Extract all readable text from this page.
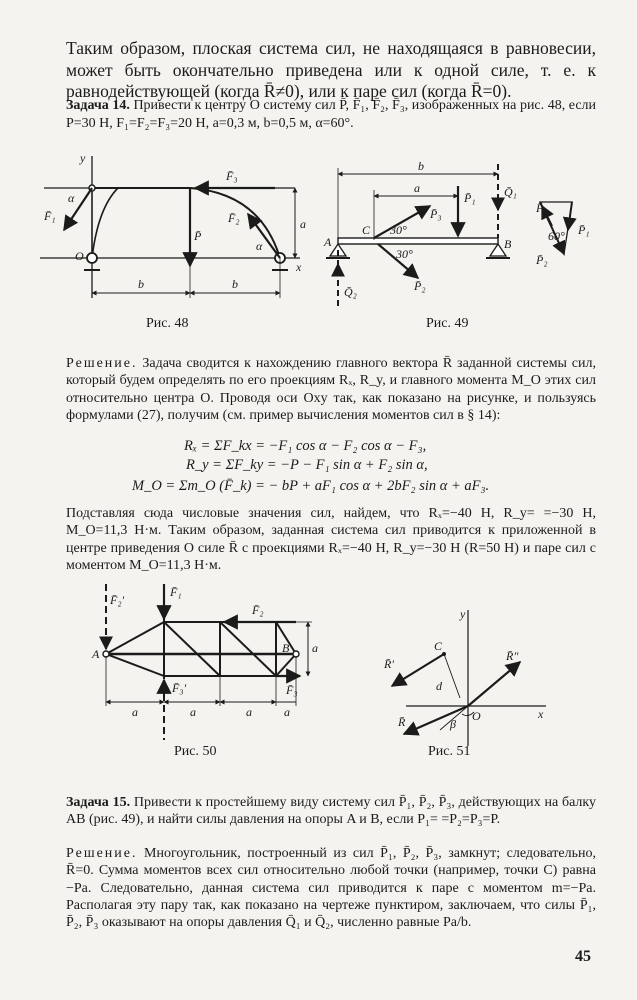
Таким образом, плоская система сил, не находящаяся в равновесии, может быть окончательно приведена или к одной силе, т. е. к равнодействующей (когда R̄≠0), или к паре сил (когда R̄=0).

Задача 14. Привести к центру O систему сил P̄, F̄₁, F̄₂, F̄₃, изображенных на рис. 48, если P=30 Н, F₁=F₂=F₃=20 Н, a=0,3 м, b=0,5 м, α=60°.

y
x
O
α
α
F̄₁	F̄₂
F̄₃
P̄
a
b	b
Рис. 48
A	B
C
a
b
P̄₁
P̄₂
P̄₃
Q̄₁
Q̄₂
30°
30°
P̄₁
P̄₂
P̄₃
60°
Рис. 49

Решение. Задача сводится к нахождению главного вектора R̄ заданной системы сил, который будем определять по его проекциям Rₓ, R_y, и главного момента M_O этих сил относительно центра O. Проводя оси Oxy так, как показано на рисунке, и пользуясь формулами (27), получим (см. пример вычисления моментов сил в § 14):

Rₓ = ΣF_kx = −F₁ cos α − F₂ cos α − F₃,
R_y = ΣF_ky = −P − F₁ sin α + F₂ sin α,
M_O = Σm_O (F̄_k) = − bP + aF₁ cos α + 2bF₂ sin α + aF₃.

Подставляя сюда числовые значения сил, найдем, что Rₓ=−40 Н, R_y= =−30 Н, M_O=11,3 Н·м. Таким образом, заданная система сил приводится к приложенной в центре приведения O силе R̄ с проекциями Rₓ=−40 Н, R_y=−30 Н (R=50 Н) и паре сил с моментом M_O=11,3 Н·м.

A	B
F̄₁
F̄₂
F̄₂′
F̄₃
F̄₃′
a	a	a	a
a
Рис. 50
y
x
O
C
d
β
R̄
R̄′
R̄″
Рис. 51

Задача 15. Привести к простейшему виду систему сил P̄₁, P̄₂, P̄₃, действующих на балку AB (рис. 49), и найти силы давления на опоры A и B, если P₁= =P₂=P₃=P.

Решение. Многоугольник, построенный из сил P̄₁, P̄₂, P̄₃, замкнут; следовательно, R̄=0. Сумма моментов всех сил относительно любой точки (например, точки C) равна −Pa. Следовательно, данная система сил приводится к паре с моментом m=−Pa. Располагая эту пару так, как показано на чертеже пунктиром, заключаем, что силы P̄₁, P̄₂, P̄₃ оказывают на опоры давления Q̄₁ и Q̄₂, численно равные Pa/b.

45
